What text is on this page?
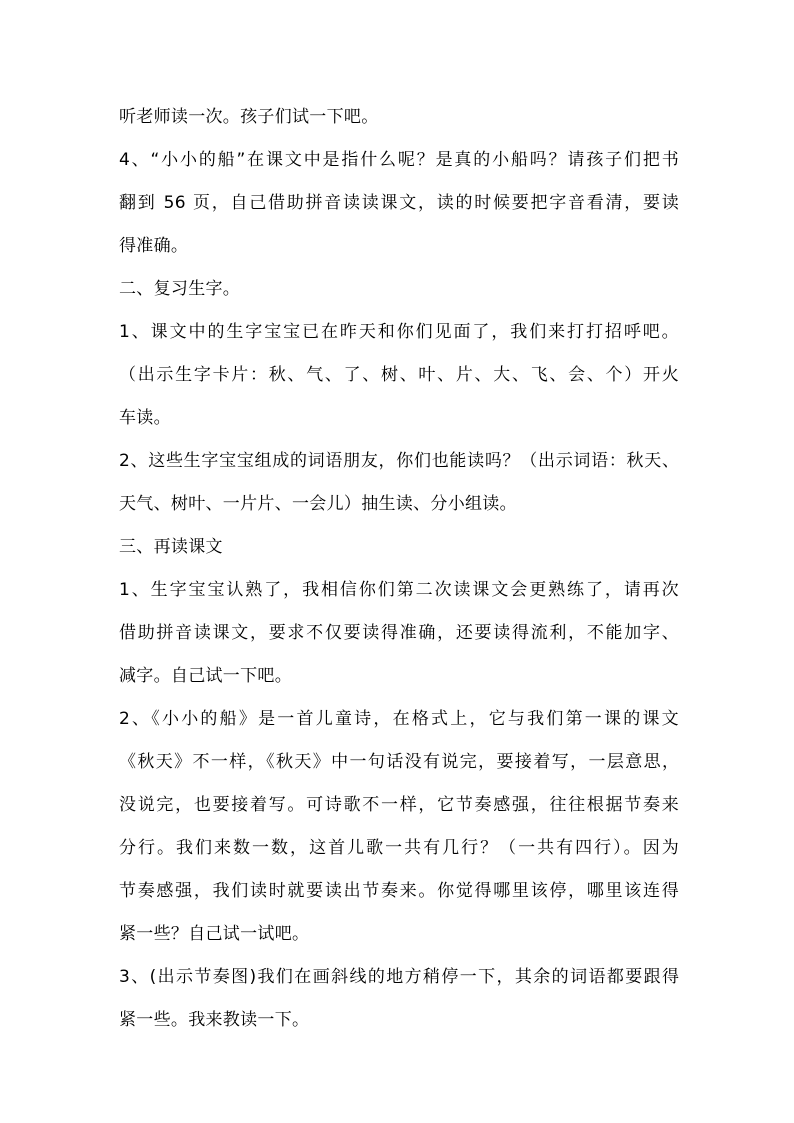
听老师读一次。孩子们试一下吧。
4、“小小的船”在课文中是指什么呢？是真的小船吗？请孩子们把书
翻到 56 页，自己借助拼音读读课文，读的时候要把字音看清，要读
得准确。
二、复习生字。
1、课文中的生字宝宝已在昨天和你们见面了，我们来打打招呼吧。
（出示生字卡片：秋、气、了、树、叶、片、大、飞、会、个）开火
车读。
2、这些生字宝宝组成的词语朋友，你们也能读吗？（出示词语：秋天、
天气、树叶、一片片、一会儿）抽生读、分小组读。
三、再读课文
1、生字宝宝认熟了，我相信你们第二次读课文会更熟练了，请再次
借助拼音读课文，要求不仅要读得准确，还要读得流利，不能加字、
减字。自己试一下吧。
2、《小小的船》是一首儿童诗，在格式上，它与我们第一课的课文
《秋天》不一样，《秋天》中一句话没有说完，要接着写，一层意思，
没说完，也要接着写。可诗歌不一样，它节奏感强，往往根据节奏来
分行。我们来数一数，这首儿歌一共有几行？（一共有四行）。因为
节奏感强，我们读时就要读出节奏来。你觉得哪里该停，哪里该连得
紧一些？自己试一试吧。
3、(出示节奏图)我们在画斜线的地方稍停一下，其余的词语都要跟得
紧一些。我来教读一下。
